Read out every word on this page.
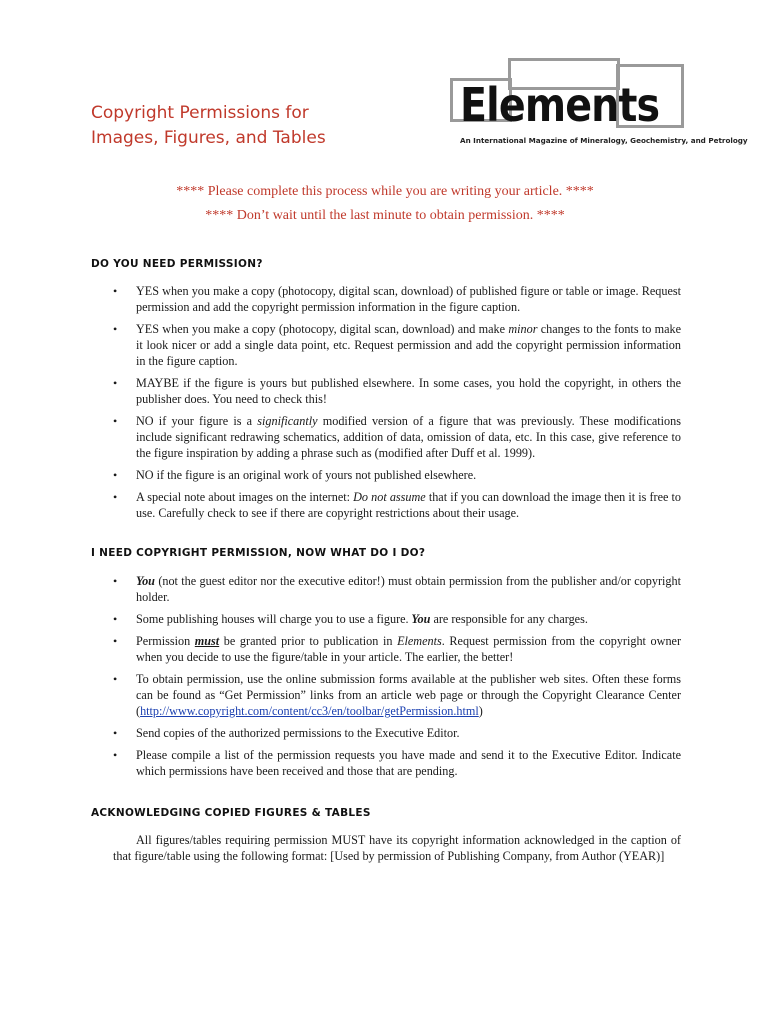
Copyright Permissions for
Images, Figures, and Tables
Elements
An International Magazine of Mineralogy, Geochemistry, and Petrology
**** Please complete this process while you are writing your article. ****
**** Don’t wait until the last minute to obtain permission. ****
DO YOU NEED PERMISSION?
• YES when you make a copy (photocopy, digital scan, download) of published figure or table or image. Request permission and add the copyright permission information in the figure caption.
• YES when you make a copy (photocopy, digital scan, download) and make minor changes to the fonts to make it look nicer or add a single data point, etc. Request permission and add the copyright permission information in the figure caption.
• MAYBE if the figure is yours but published elsewhere. In some cases, you hold the copyright, in others the publisher does. You need to check this!
• NO if your figure is a significantly modified version of a figure that was previously. These modifications include significant redrawing schematics, addition of data, omission of data, etc. In this case, give reference to the figure inspiration by adding a phrase such as (modified after Duff et al. 1999).
• NO if the figure is an original work of yours not published elsewhere.
• A special note about images on the internet: Do not assume that if you can download the image then it is free to use. Carefully check to see if there are copyright restrictions about their usage.
I NEED COPYRIGHT PERMISSION, NOW WHAT DO I DO?
• You (not the guest editor nor the executive editor!) must obtain permission from the publisher and/or copyright holder.
• Some publishing houses will charge you to use a figure. You are responsible for any charges.
• Permission must be granted prior to publication in Elements. Request permission from the copyright owner when you decide to use the figure/table in your article. The earlier, the better!
• To obtain permission, use the online submission forms available at the publisher web sites. Often these forms can be found as “Get Permission” links from an article web page or through the Copyright Clearance Center (http://www.copyright.com/content/cc3/en/toolbar/getPermission.html)
• Send copies of the authorized permissions to the Executive Editor.
• Please compile a list of the permission requests you have made and send it to the Executive Editor. Indicate which permissions have been received and those that are pending.
ACKNOWLEDGING COPIED FIGURES & TABLES

All figures/tables requiring permission MUST have its copyright information acknowledged in the caption of that figure/table using the following format: [Used by permission of Publishing Company, from Author (YEAR)]
